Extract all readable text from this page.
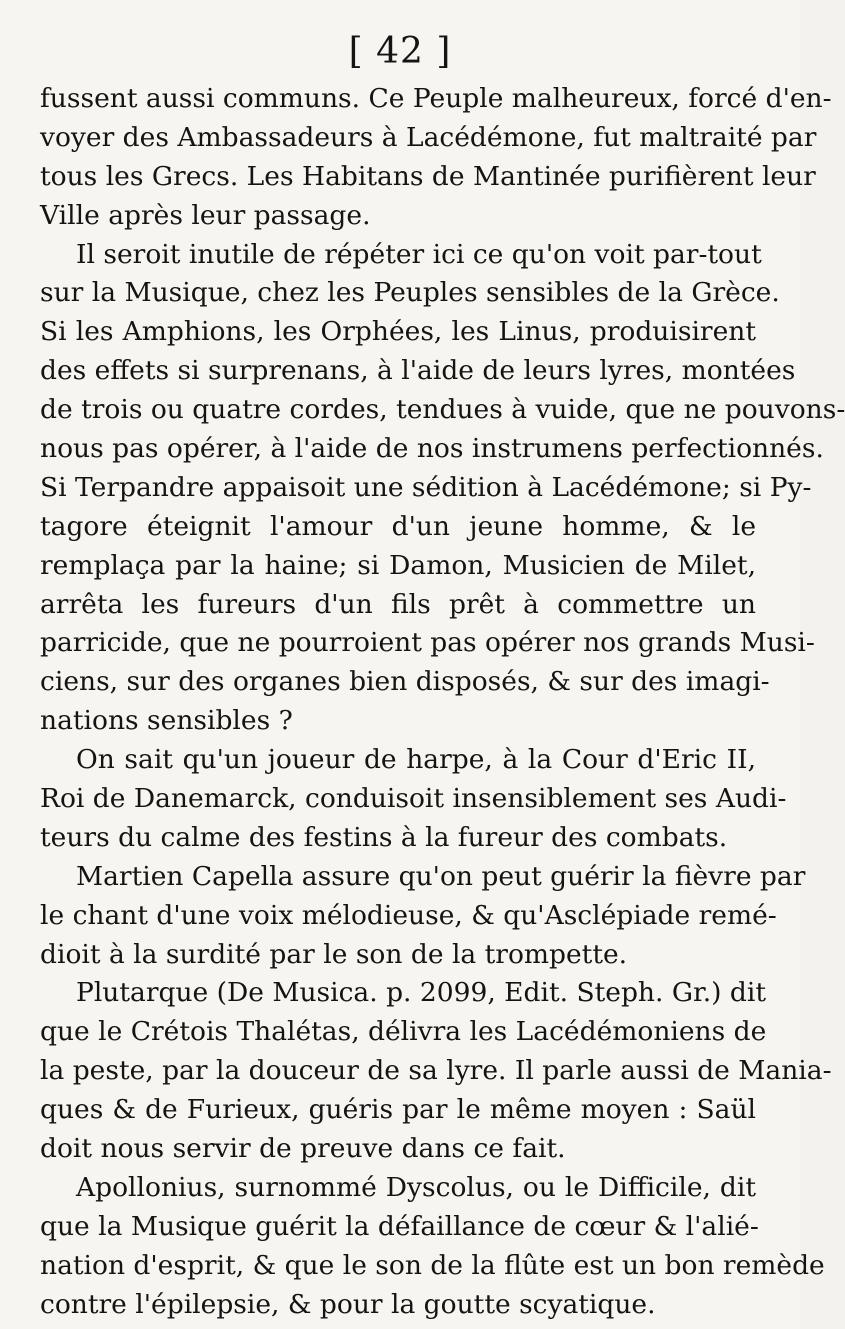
[ 42 ]
fussent aussi communs. Ce Peuple malheureux, forcé d'en-
voyer des Ambassadeurs à Lacédémone, fut maltraité par
tous les Grecs. Les Habitans de Mantinée purifièrent leur
Ville après leur passage.
Il seroit inutile de répéter ici ce qu'on voit par-tout
sur la Musique, chez les Peuples sensibles de la Grèce.
Si les Amphions, les Orphées, les Linus, produisirent
des effets si surprenans, à l'aide de leurs lyres, montées
de trois ou quatre cordes, tendues à vuide, que ne pouvons-
nous pas opérer, à l'aide de nos instrumens perfectionnés.
Si Terpandre appaisoit une sédition à Lacédémone; si Py-
tagore éteignit l'amour d'un jeune homme, & le
remplaça par la haine; si Damon, Musicien de Milet,
arrêta les fureurs d'un fils prêt à commettre un
parricide, que ne pourroient pas opérer nos grands Musi-
ciens, sur des organes bien disposés, & sur des imagi-
nations sensibles ?
On sait qu'un joueur de harpe, à la Cour d'Eric II,
Roi de Danemarck, conduisoit insensiblement ses Audi-
teurs du calme des festins à la fureur des combats.
Martien Capella assure qu'on peut guérir la fièvre par
le chant d'une voix mélodieuse, & qu'Asclépiade remé-
dioit à la surdité par le son de la trompette.
Plutarque (De Musica. p. 2099, Edit. Steph. Gr.) dit
que le Crétois Thalétas, délivra les Lacédémoniens de
la peste, par la douceur de sa lyre. Il parle aussi de Mania-
ques & de Furieux, guéris par le même moyen : Saül
doit nous servir de preuve dans ce fait.
Apollonius, surnommé Dyscolus, ou le Difficile, dit
que la Musique guérit la défaillance de cœur & l'alié-
nation d'esprit, & que le son de la flûte est un bon remède
contre l'épilepsie, & pour la goutte scyatique.
